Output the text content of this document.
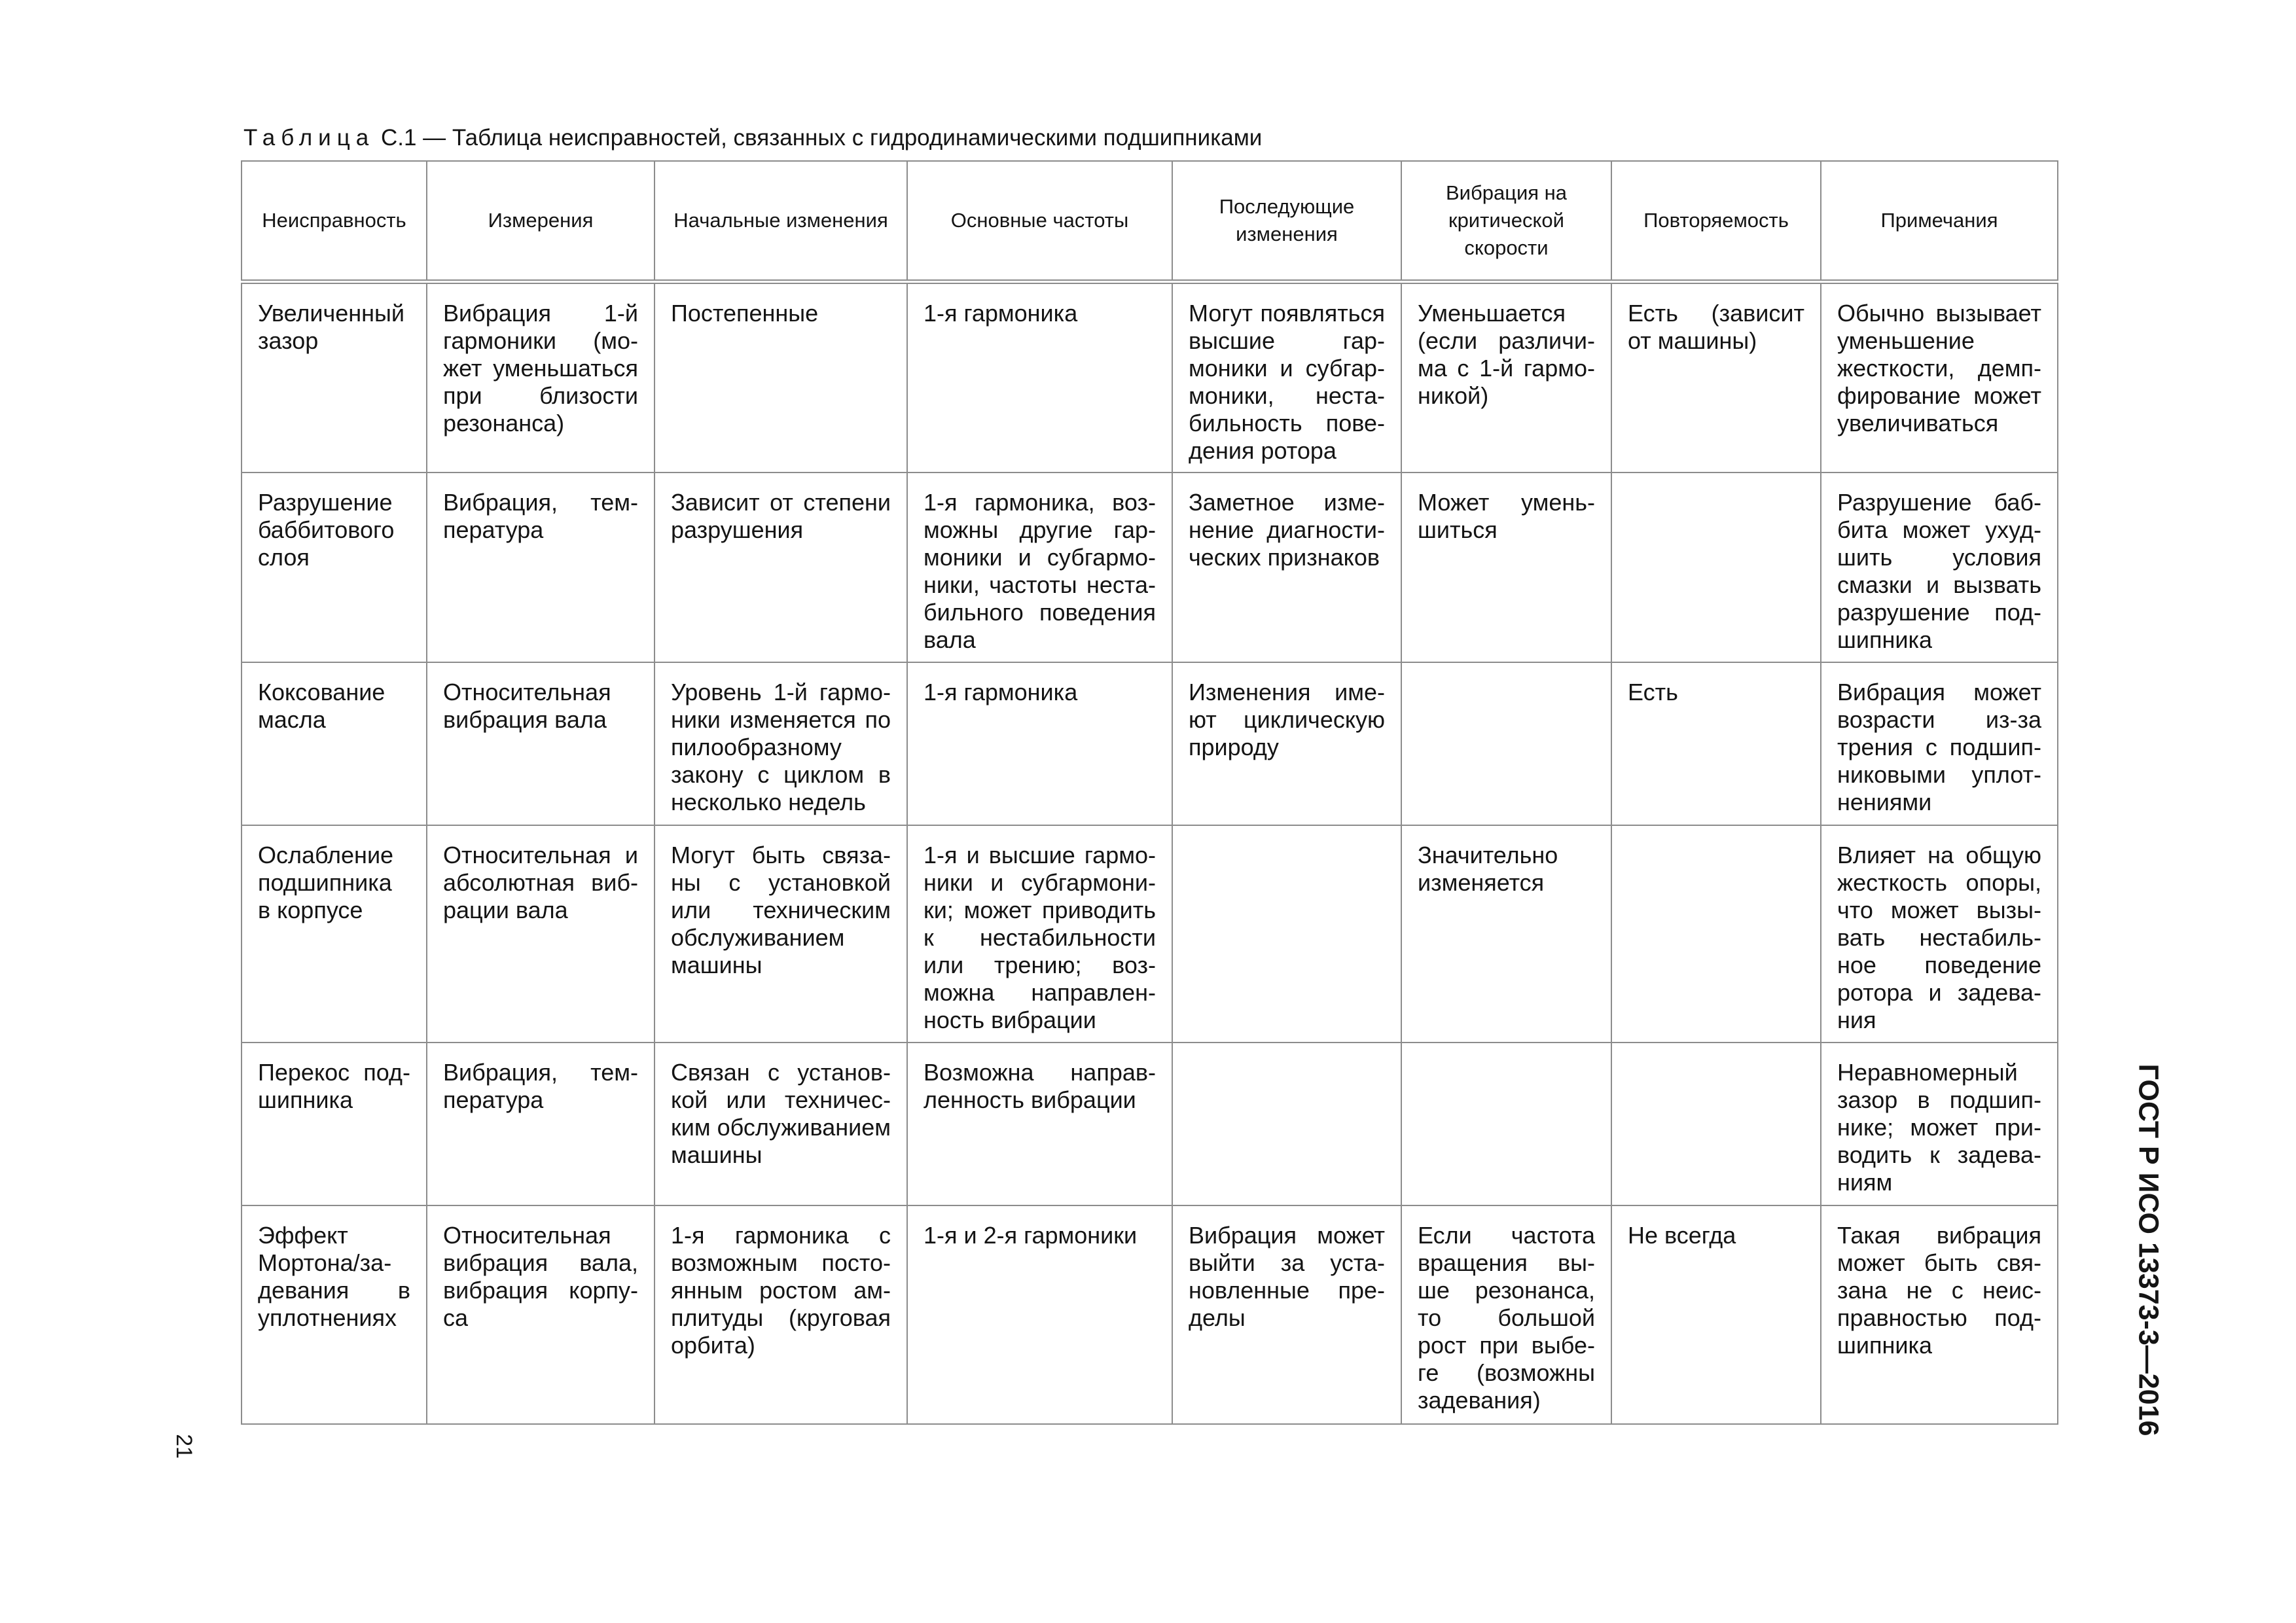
Таблица С.1 — Таблица неисправностей, связанных с гидродинамическими подшипниками
Неисправность	Измерения	Начальные изменения	Основные частоты	Последующие изменения	Вибрация на критической скорости	Повторяемость	Примечания
Увеличенный зазор	Вибрация 1-й гармоники (может уменьшаться при близости резонанса)	Постепенные	1-я гармоника	Могут появляться высшие гармоники и субгармоники, нестабильность поведения ротора	Уменьшается (если различима с 1-й гармоникой)	Есть (зависит от машины)	Обычно вызывает уменьшение жесткости, демпфирование может увеличиваться
Разрушение баббитового слоя	Вибрация, температура	Зависит от степени разрушения	1-я гармоника, возможны другие гармоники и субгармоники, частоты нестабильного поведения вала	Заметное изменение диагностических признаков	Может уменьшиться		Разрушение баббита может ухудшить условия смазки и вызвать разрушение подшипника
Коксование масла	Относительная вибрация вала	Уровень 1-й гармоники изменяется по пилообразному закону с циклом в несколько недель	1-я гармоника	Изменения имеют циклическую природу		Есть	Вибрация может возрасти из-за трения с подшипниковыми уплотнениями
Ослабление подшипника в корпусе	Относительная и абсолютная вибрации вала	Могут быть связаны с установкой или техническим обслуживанием машины	1-я и высшие гармоники и субгармоники; может приводить к нестабильности или трению; возможна направленность вибрации		Значительно изменяется		Влияет на общую жесткость опоры, что может вызывать нестабильное поведение ротора и задевания
Перекос подшипника	Вибрация, температура	Связан с установкой или техническим обслуживанием машины	Возможна направленность вибрации				Неравномерный зазор в подшипнике; может приводить к задеваниям
Эффект Мортона/задевания в уплотнениях	Относительная вибрация вала, вибрация корпуса	1-я гармоника с возможным постоянным ростом амплитуды (круговая орбита)	1-я и 2-я гармоники	Вибрация может выйти за установленные пределы	Если частота вращения выше резонанса, то большой рост при выбеге (возможны задевания)	Не всегда	Такая вибрация может быть связана не с неисправностью подшипника
21
ГОСТ Р ИСО 13373-3—2016
